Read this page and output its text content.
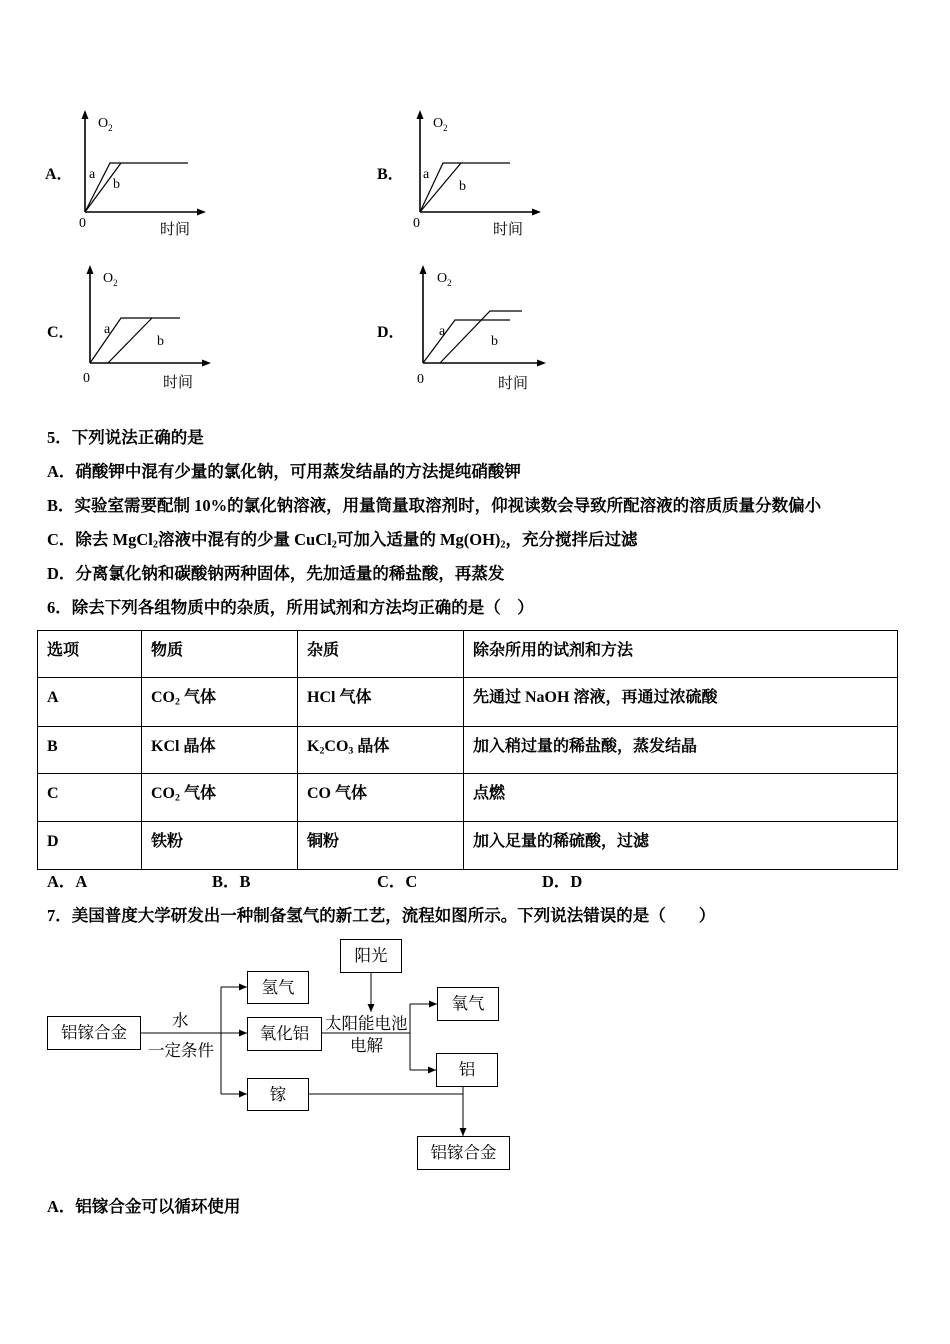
A．
$O_2$
a
b
0	时间
B．
$O_2$
a
b
0	时间
C．
$O_2$
a
b
0	时间
D．
$O_2$
a
b
0	时间
5．下列说法正确的是
A．硝酸钾中混有少量的氯化钠，可用蒸发结晶的方法提纯硝酸钾
B．实验室需要配制 10%的氯化钠溶液，用量筒量取溶剂时，仰视读数会导致所配溶液的溶质质量分数偏小
C．除去 MgCl$_2$溶液中混有的少量 CuCl$_2$可加入适量的 $Mg(OH)_2$，充分搅拌后过滤
D．分离氯化钠和碳酸钠两种固体，先加适量的稀盐酸，再蒸发
6．除去下列各组物质中的杂质，所用试剂和方法均正确的是（　）
选项	物质	杂质	除杂所用的试剂和方法
A	$CO_2$ 气体	HCl 气体	先通过 NaOH 溶液，再通过浓硫酸
B	KCl 晶体	$K_2CO_3$ 晶体	加入稍过量的稀盐酸，蒸发结晶
C	$CO_2$ 气体	CO 气体	点燃
D	铁粉	铜粉	加入足量的稀硫酸，过滤
A．A	B．B	C．C	D．D
7．美国普度大学研发出一种制备氢气的新工艺，流程如图所示。下列说法错误的是（　　）
阳光
氢气
铝镓合金	氧化铝
氧气
铝
镓
铝镓合金
水
一定条件
太阳能电池
电解
A．铝镓合金可以循环使用
